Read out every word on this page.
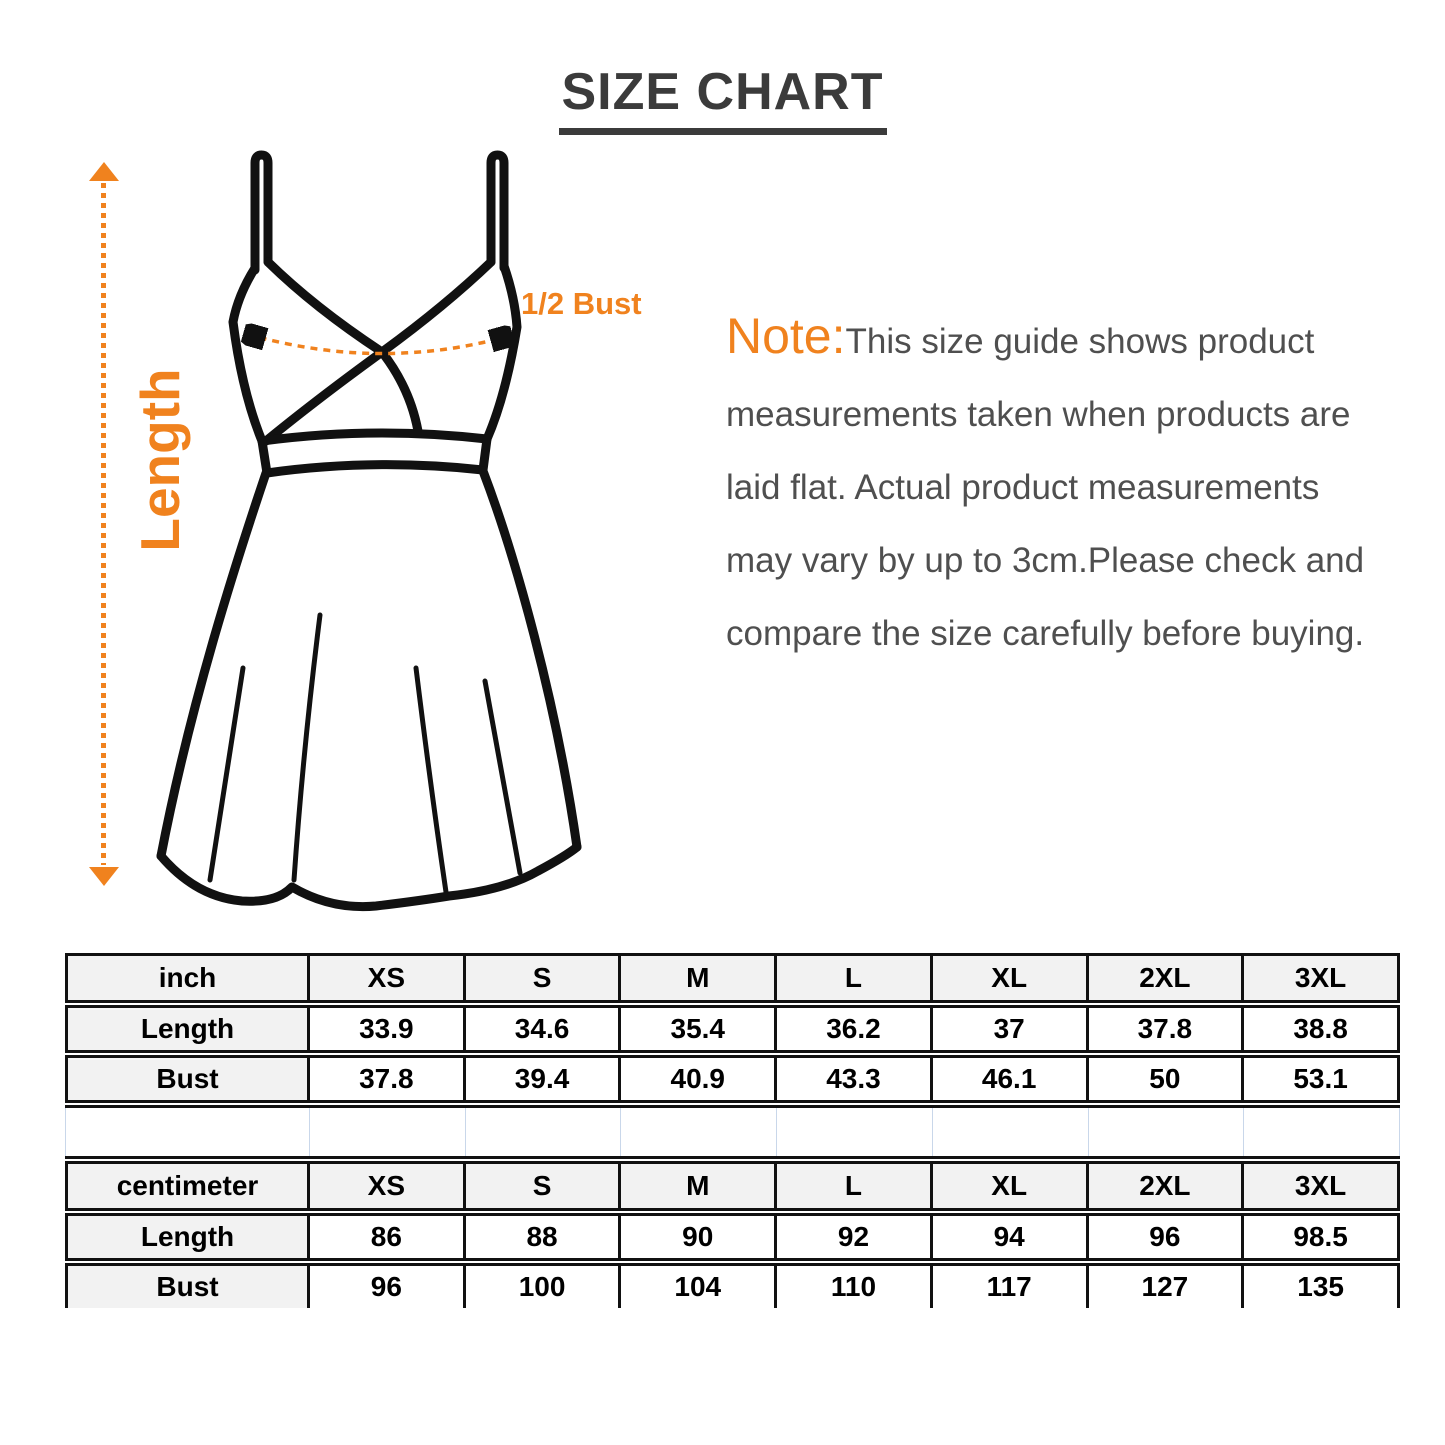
SIZE CHART
Length
1/2 Bust
Note:This size guide shows product measurements taken when products are laid flat. Actual product measurements may vary by up to 3cm.Please check and compare the size carefully before buying.
inch	XS	S	M	L	XL	2XL	3XL
Length	33.9	34.6	35.4	36.2	37	37.8	38.8
Bust	37.8	39.4	40.9	43.3	46.1	50	53.1
centimeter	XS	S	M	L	XL	2XL	3XL
Length	86	88	90	92	94	96	98.5
Bust	96	100	104	110	117	127	135
